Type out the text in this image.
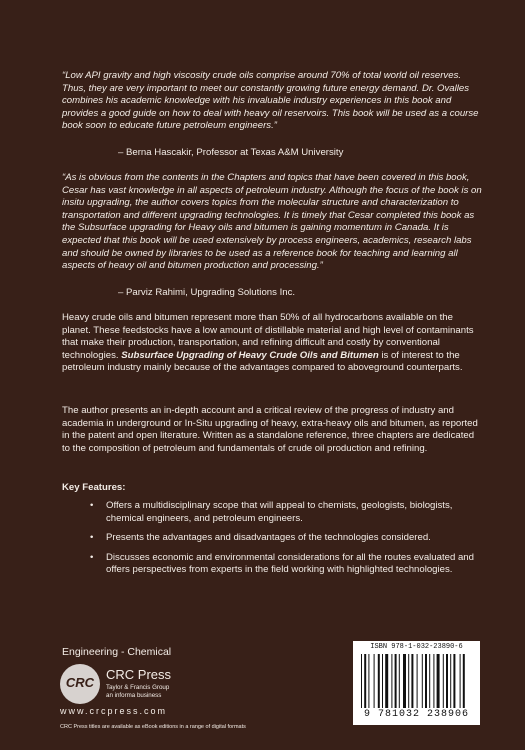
“Low API gravity and high viscosity crude oils comprise around 70% of total world oil reserves. Thus, they are very important to meet our constantly growing future energy demand. Dr. Ovalles combines his academic knowledge with his invaluable industry experiences in this book and provides a good guide on how to deal with heavy oil reservoirs. This book will be used as a course book soon to educate future petroleum engineers.”
– Berna Hascakir, Professor at Texas A&M University
“As is obvious from the contents in the Chapters and topics that have been covered in this book, Cesar has vast knowledge in all aspects of petroleum industry. Although the focus of the book is on insitu upgrading, the author covers topics from the molecular structure and characterization to transportation and different upgrading technologies. It is timely that Cesar completed this book as the Subsurface upgrading for Heavy oils and bitumen is gaining momentum in Canada. It is expected that this book will be used extensively by process engineers, academics, research labs and should be owned by libraries to be used as a reference book for teaching and learning all aspects of heavy oil and bitumen production and processing.”
– Parviz Rahimi, Upgrading Solutions Inc.
Heavy crude oils and bitumen represent more than 50% of all hydrocarbons available on the planet. These feedstocks have a low amount of distillable material and high level of contaminants that make their production, transportation, and refining difficult and costly by conventional technologies. Subsurface Upgrading of Heavy Crude Oils and Bitumen is of interest to the petroleum industry mainly because of the advantages compared to aboveground counterparts.
The author presents an in-depth account and a critical review of the progress of industry and academia in underground or In-Situ upgrading of heavy, extra-heavy oils and bitumen, as reported in the patent and open literature. Written as a standalone reference, three chapters are dedicated to the composition of petroleum and fundamentals of crude oil production and refining.
Key Features:
• Offers a multidisciplinary scope that will appeal to chemists, geologists, biologists, chemical engineers, and petroleum engineers.
• Presents the advantages and disadvantages of the technologies considered.
• Discusses economic and environmental considerations for all the routes evaluated and offers perspectives from experts in the field working with highlighted technologies.
Engineering - Chemical
CRC
CRC Press
Taylor & Francis Group
an informa business
www.crcpress.com
CRC Press titles are available as eBook editions in a range of digital formats
ISBN 978-1-032-23890-6
9 781032 238906
